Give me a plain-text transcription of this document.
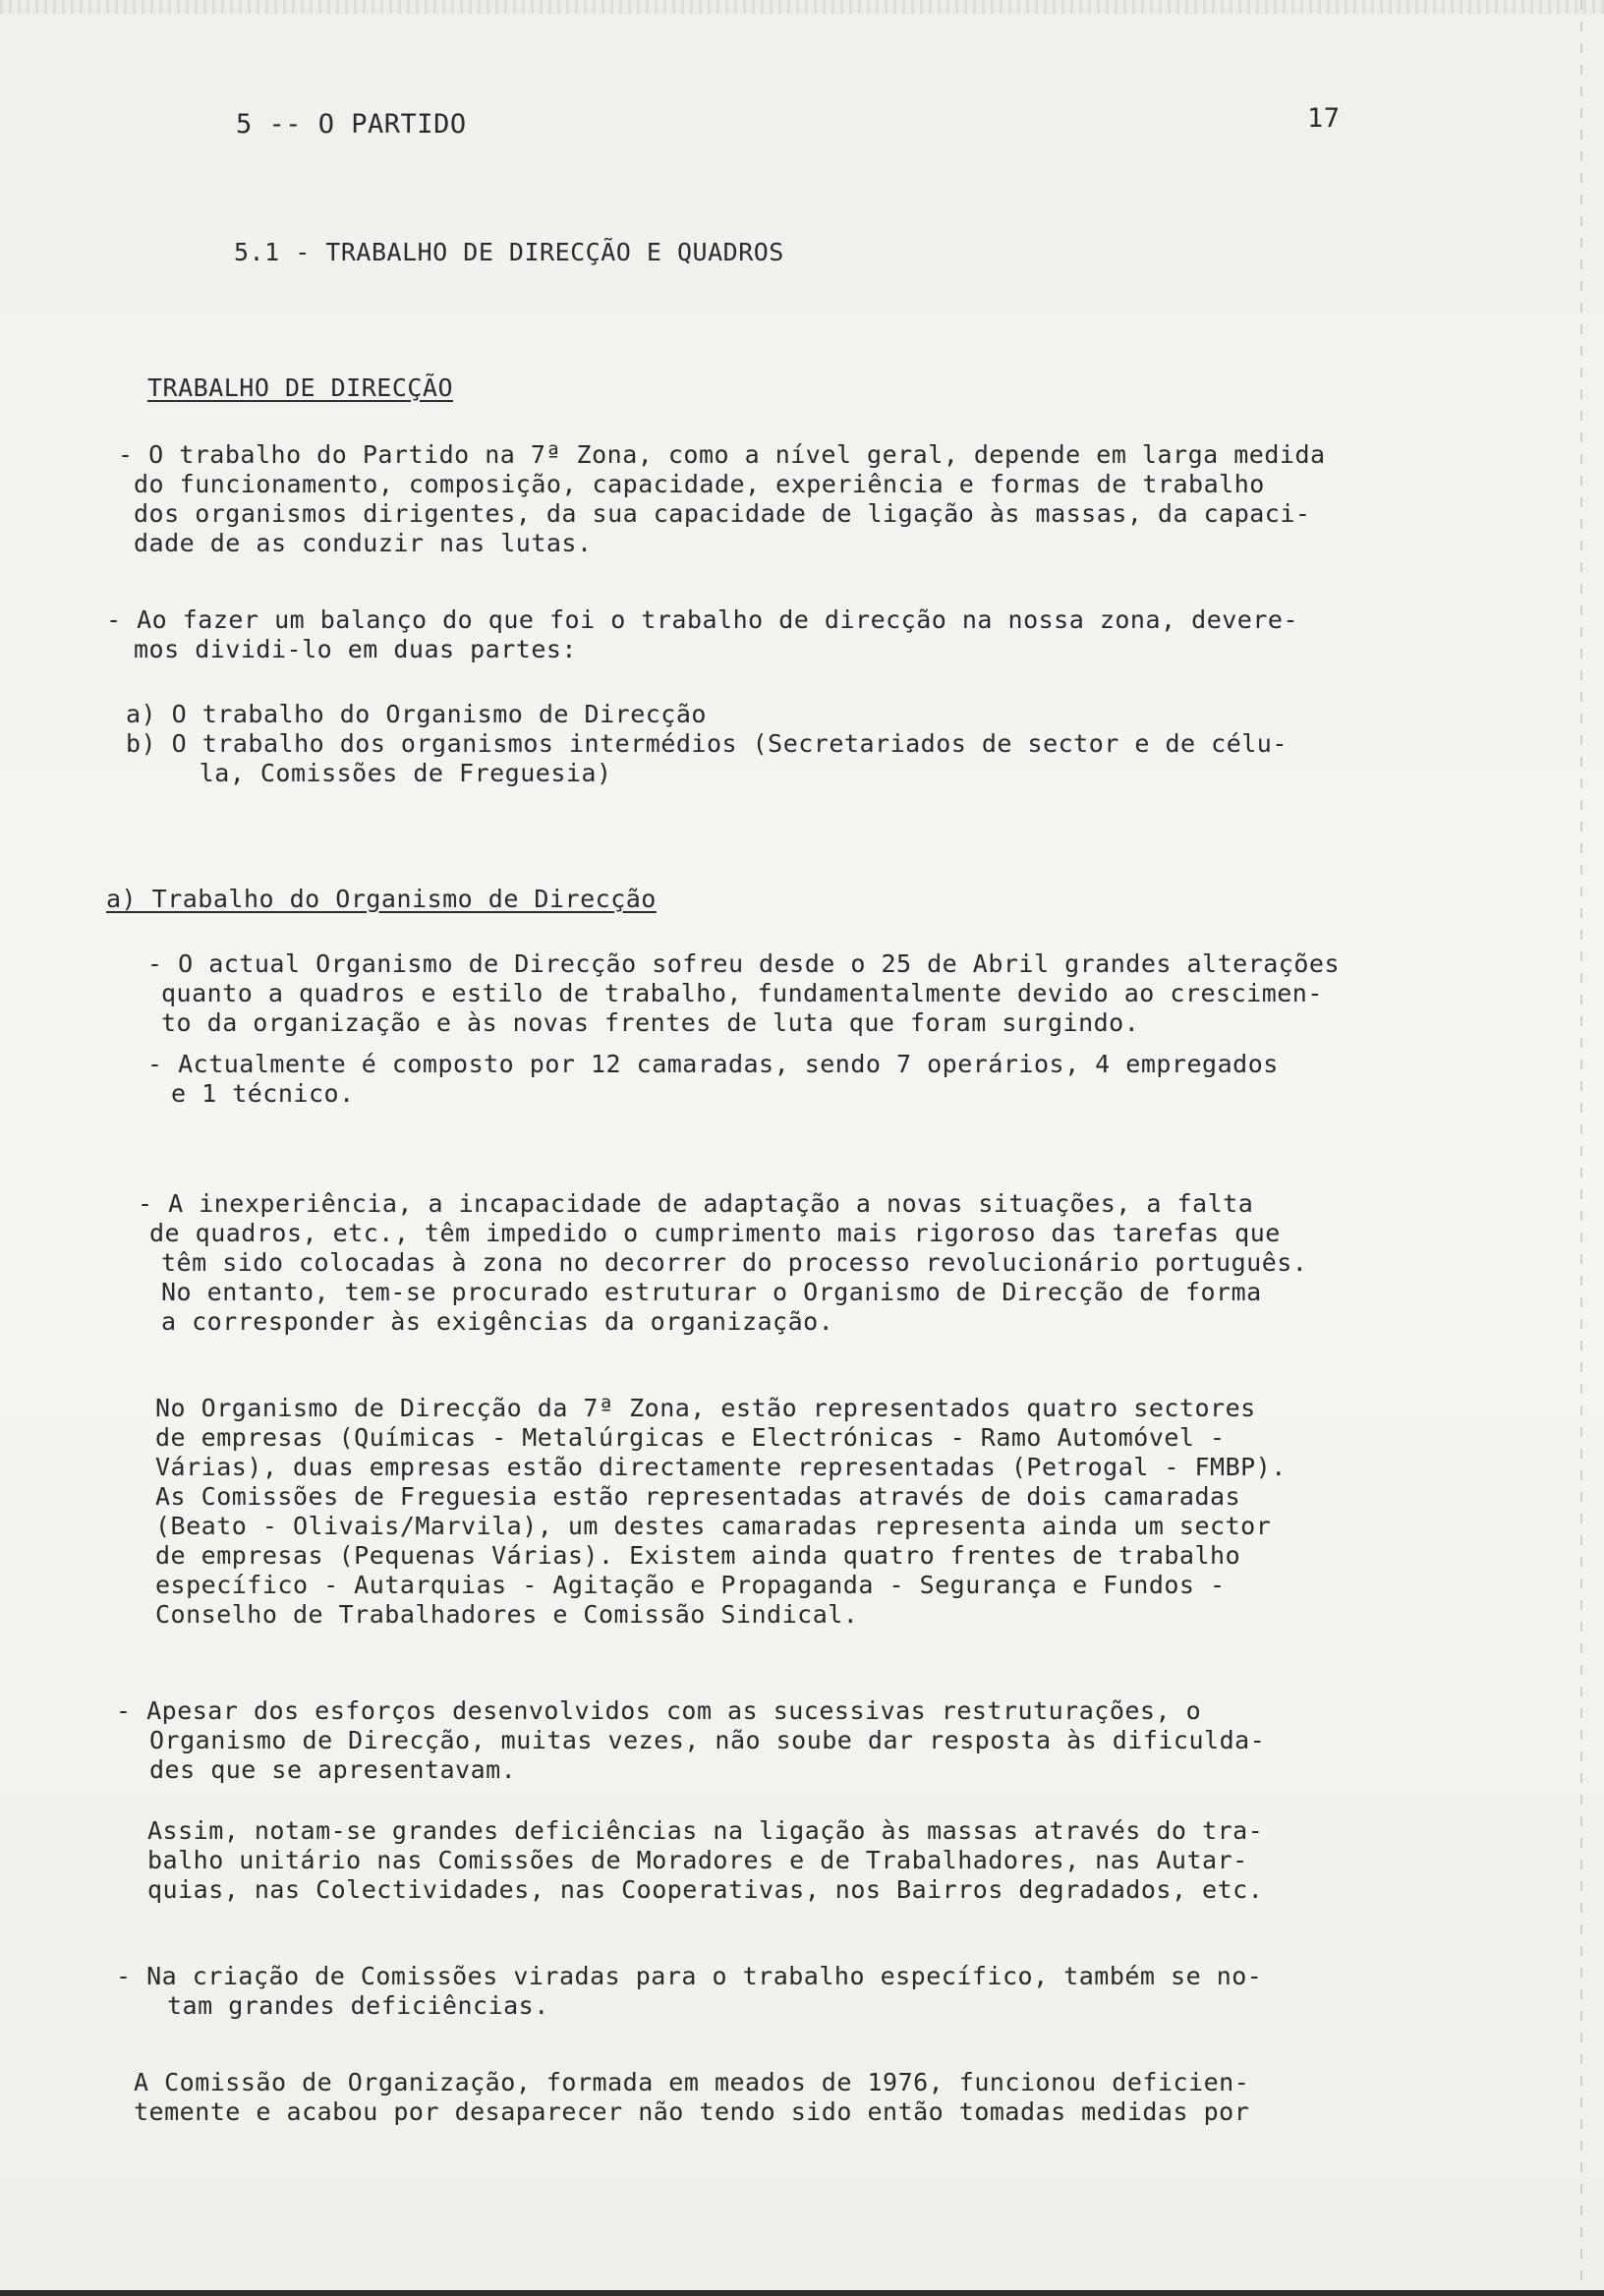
5 -- O PARTIDO	17
5.1 - TRABALHO DE DIRECÇÃO E QUADROS
TRABALHO DE DIRECÇÃO
- O trabalho do Partido na 7ª Zona, como a nível geral, depende em larga medida
do funcionamento, composição, capacidade, experiência e formas de trabalho
dos organismos dirigentes, da sua capacidade de ligação às massas, da capaci-
dade de as conduzir nas lutas.
- Ao fazer um balanço do que foi o trabalho de direcção na nossa zona, devere-
mos dividi-lo em duas partes:
a) O trabalho do Organismo de Direcção
b) O trabalho dos organismos intermédios (Secretariados de sector e de célu-
la, Comissões de Freguesia)
a) Trabalho do Organismo de Direcção
- O actual Organismo de Direcção sofreu desde o 25 de Abril grandes alterações
quanto a quadros e estilo de trabalho, fundamentalmente devido ao crescimen-
to da organização e às novas frentes de luta que foram surgindo.
- Actualmente é composto por 12 camaradas, sendo 7 operários, 4 empregados
e 1 técnico.
- A inexperiência, a incapacidade de adaptação a novas situações, a falta
de quadros, etc., têm impedido o cumprimento mais rigoroso das tarefas que
têm sido colocadas à zona no decorrer do processo revolucionário português.
No entanto, tem-se procurado estruturar o Organismo de Direcção de forma
a corresponder às exigências da organização.
No Organismo de Direcção da 7ª Zona, estão representados quatro sectores
de empresas (Químicas - Metalúrgicas e Electrónicas - Ramo Automóvel -
Várias), duas empresas estão directamente representadas (Petrogal - FMBP).
As Comissões de Freguesia estão representadas através de dois camaradas
(Beato - Olivais/Marvila), um destes camaradas representa ainda um sector
de empresas (Pequenas Várias). Existem ainda quatro frentes de trabalho
específico - Autarquias - Agitação e Propaganda - Segurança e Fundos -
Conselho de Trabalhadores e Comissão Sindical.
- Apesar dos esforços desenvolvidos com as sucessivas restruturações, o
Organismo de Direcção, muitas vezes, não soube dar resposta às dificulda-
des que se apresentavam.
Assim, notam-se grandes deficiências na ligação às massas através do tra-
balho unitário nas Comissões de Moradores e de Trabalhadores, nas Autar-
quias, nas Colectividades, nas Cooperativas, nos Bairros degradados, etc.
- Na criação de Comissões viradas para o trabalho específico, também se no-
tam grandes deficiências.
A Comissão de Organização, formada em meados de 1976, funcionou deficien-
temente e acabou por desaparecer não tendo sido então tomadas medidas por
